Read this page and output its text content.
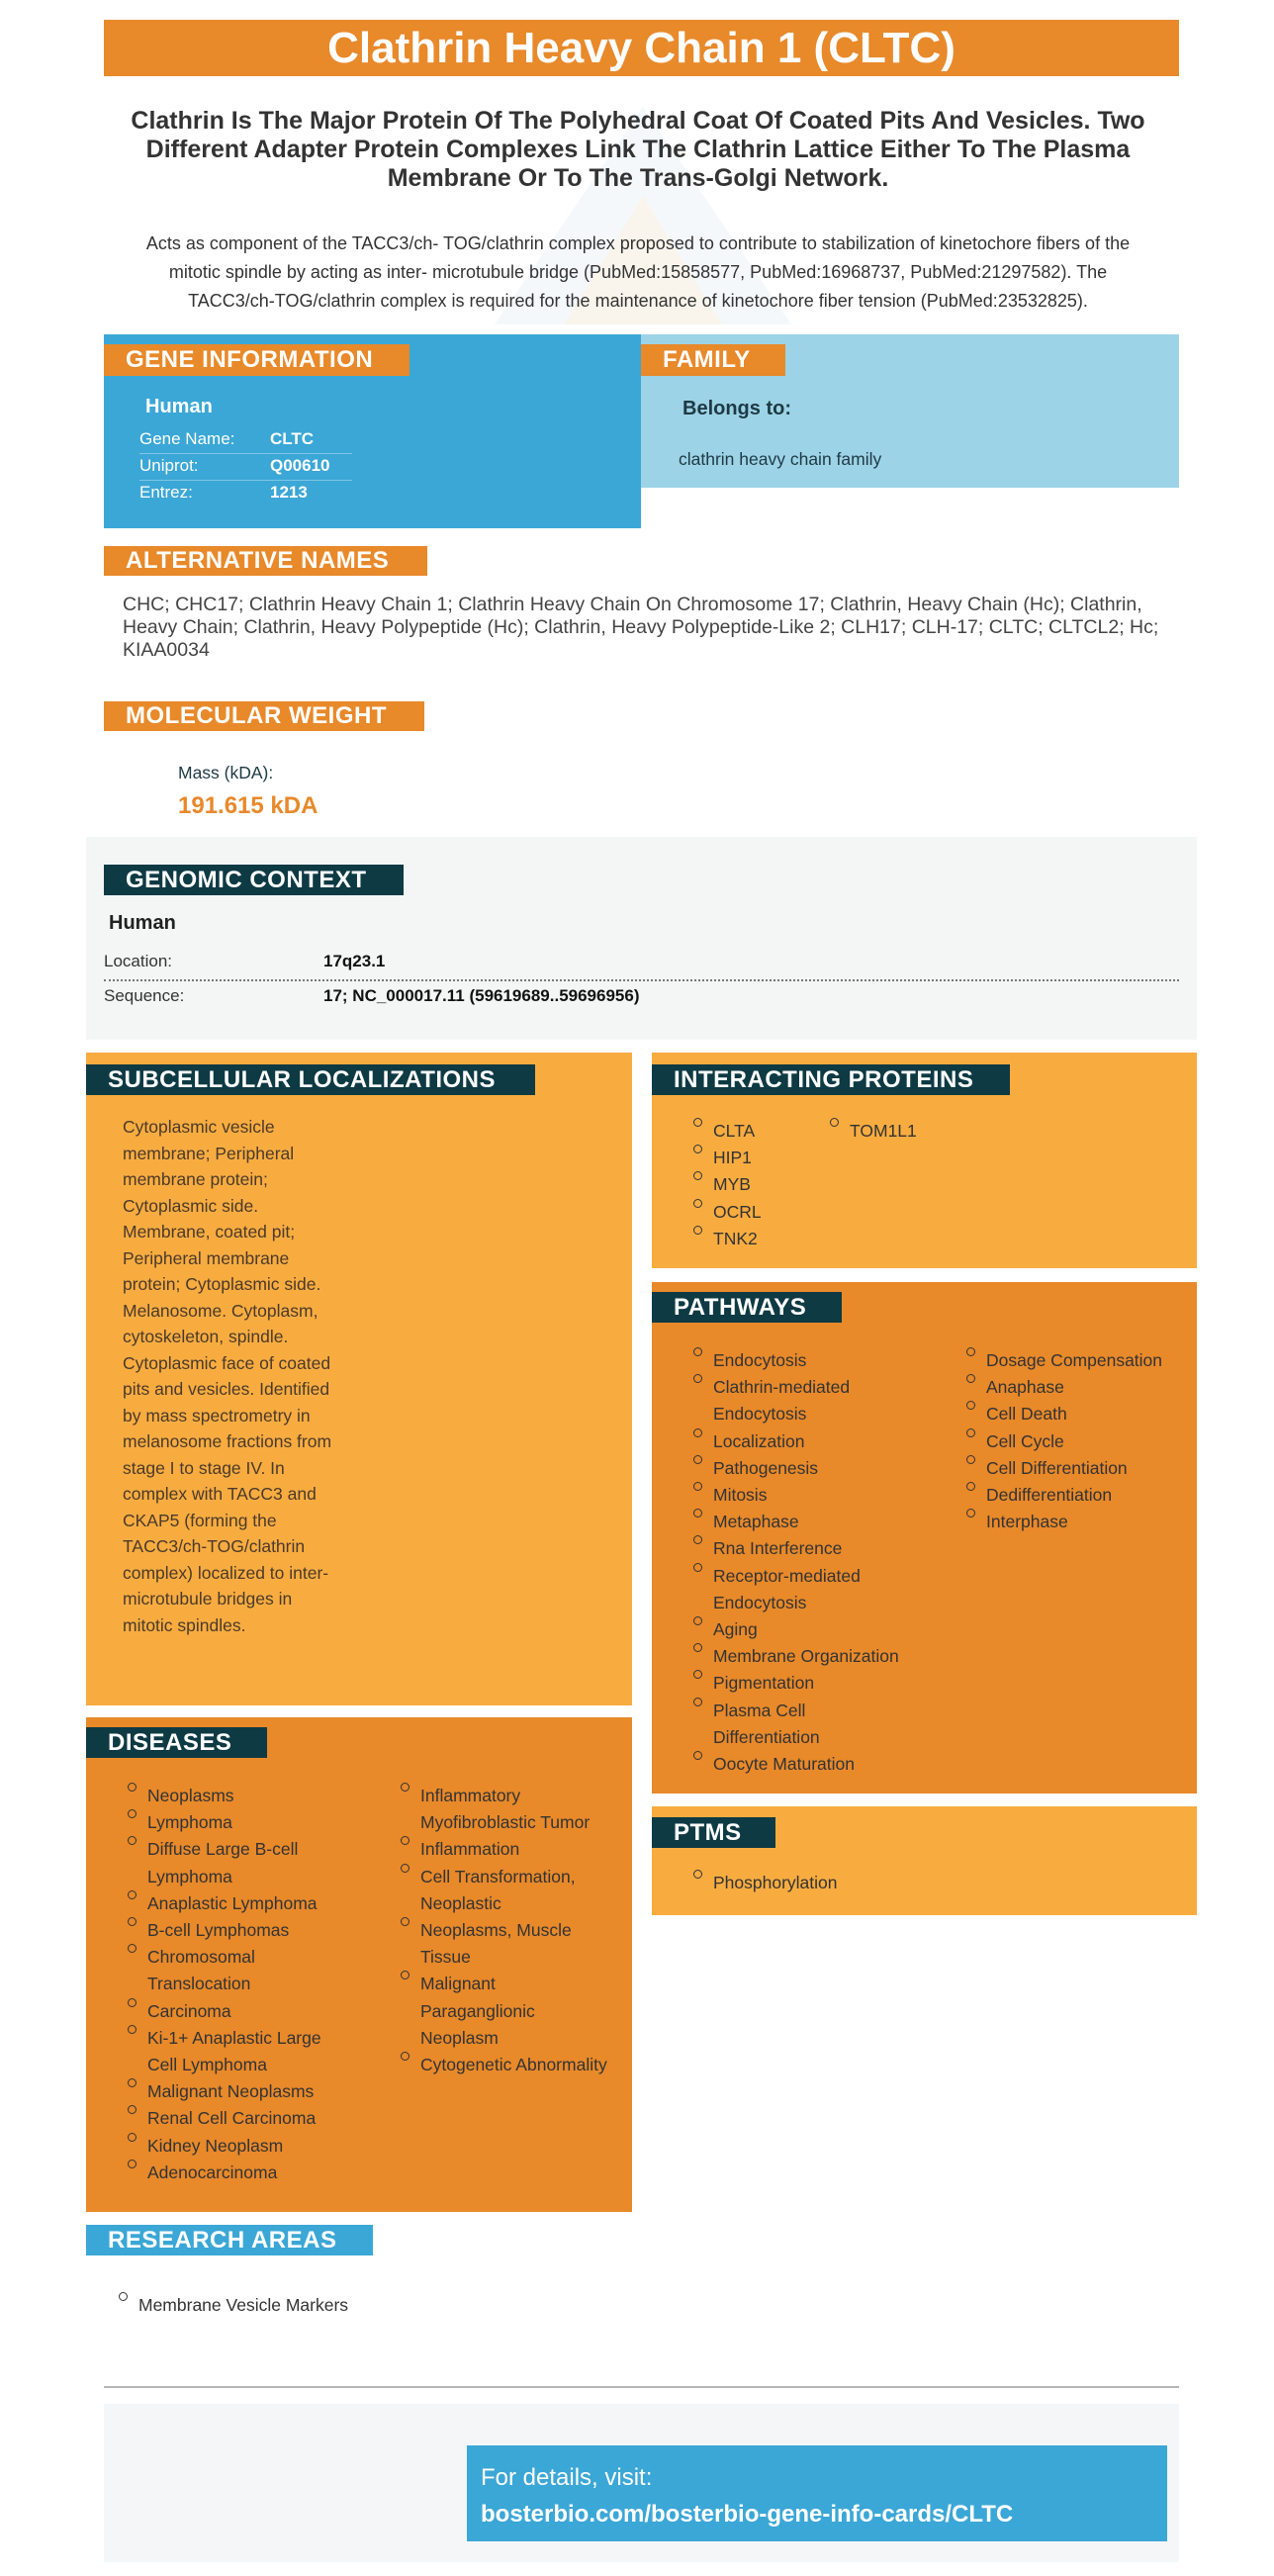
Clathrin Heavy Chain 1 (CLTC)
Clathrin Is The Major Protein Of The Polyhedral Coat Of Coated Pits And Vesicles. Two Different Adapter Protein Complexes Link The Clathrin Lattice Either To The Plasma Membrane Or To The Trans-Golgi Network.
Acts as component of the TACC3/ch- TOG/clathrin complex proposed to contribute to stabilization of kinetochore fibers of the mitotic spindle by acting as inter- microtubule bridge (PubMed:15858577, PubMed:16968737, PubMed:21297582). The TACC3/ch-TOG/clathrin complex is required for the maintenance of kinetochore fiber tension (PubMed:23532825).
GENE INFORMATION
Human
Gene Name: CLTC
Uniprot:	Q00610
Entrez:	1213
FAMILY
Belongs to:
clathrin heavy chain family
ALTERNATIVE NAMES
CHC; CHC17; Clathrin Heavy Chain 1; Clathrin Heavy Chain On Chromosome 17; Clathrin, Heavy Chain (Hc); Clathrin, Heavy Chain; Clathrin, Heavy Polypeptide (Hc); Clathrin, Heavy Polypeptide-Like 2; CLH17; CLH-17; CLTC; CLTCL2; Hc; KIAA0034
MOLECULAR WEIGHT
Mass (kDA):
191.615 kDA
GENOMIC CONTEXT
Human
Location:	17q23.1
Sequence:	17; NC_000017.11 (59619689..59696956)
SUBCELLULAR LOCALIZATIONS
Cytoplasmic vesicle membrane; Peripheral membrane protein; Cytoplasmic side. Membrane, coated pit; Peripheral membrane protein; Cytoplasmic side. Melanosome. Cytoplasm, cytoskeleton, spindle. Cytoplasmic face of coated pits and vesicles. Identified by mass spectrometry in melanosome fractions from stage I to stage IV. In complex with TACC3 and CKAP5 (forming the TACC3/ch-TOG/clathrin complex) localized to inter-microtubule bridges in mitotic spindles.
INTERACTING PROTEINS
CLTA
HIP1
MYB
OCRL
TNK2
TOM1L1
PATHWAYS
Endocytosis
Clathrin-mediated Endocytosis
Localization
Pathogenesis
Mitosis
Metaphase
Rna Interference
Receptor-mediated Endocytosis
Aging
Membrane Organization
Pigmentation
Plasma Cell Differentiation
Oocyte Maturation
Dosage Compensation
Anaphase
Cell Death
Cell Cycle
Cell Differentiation
Dedifferentiation
Interphase
PTMS
Phosphorylation
DISEASES
Neoplasms
Lymphoma
Diffuse Large B-cell Lymphoma
Anaplastic Lymphoma
B-cell Lymphomas
Chromosomal Translocation
Carcinoma
Ki-1+ Anaplastic Large Cell Lymphoma
Malignant Neoplasms
Renal Cell Carcinoma
Kidney Neoplasm
Adenocarcinoma
Inflammatory Myofibroblastic Tumor
Inflammation
Cell Transformation, Neoplastic
Neoplasms, Muscle Tissue
Malignant Paraganglionic Neoplasm
Cytogenetic Abnormality
RESEARCH AREAS
Membrane Vesicle Markers
For details, visit:
bosterbio.com/bosterbio-gene-info-cards/CLTC
